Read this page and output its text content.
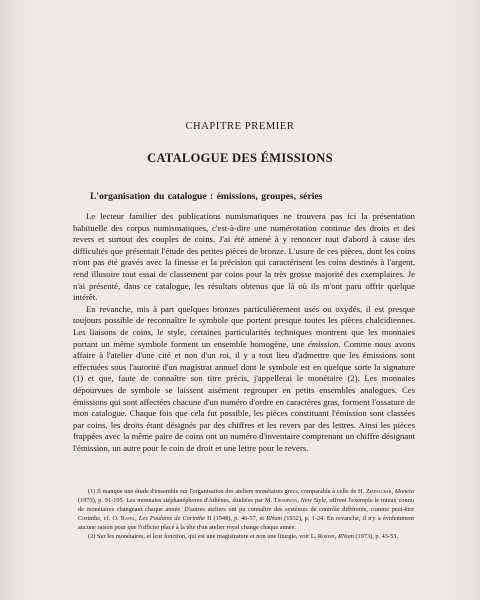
CHAPITRE PREMIER
CATALOGUE DES ÉMISSIONS
L'organisation du catalogue : émissions, groupes, séries

Le lecteur familier des publications numismatiques ne trouvera pas ici la présentation habituelle des corpus numismatiques, c'est-à-dire une numérotation continue des droits et des revers et surtout des couples de coins. J'ai été amené à y renoncer tout d'abord à cause des difficultés que présentait l'étude des petites pièces de bronze. L'usure de ces pièces, dont les coins n'ont pas été gravés avec la finesse et la précision qui caractérisent les coins destinés à l'argent, rend illusoire tout essai de classement par coins pour la très grosse majorité des exemplaires. Je n'ai présenté, dans ce catalogue, les résultats obtenus que là où ils m'ont paru offrir quelque intérêt.

En revanche, mis à part quelques bronzes particulièrement usés ou oxydés, il est presque toujours possible de reconnaître le symbole que portent presque toutes les pièces chalcidiennes. Les liaisons de coins, le style, certaines particularités techniques montrent que les monnaies portant un même symbole forment un ensemble homogène, une émission. Comme nous avons affaire à l'atelier d'une cité et non d'un roi, il y a tout lieu d'admettre que les émissions sont effectuées sous l'autorité d'un magistrat annuel dont le symbole est en quelque sorte la signature (1) et que, faute de connaître son titre précis, j'appellerai le monétaire (2). Les monnaies dépourvues de symbole se laissent aisément regrouper en petits ensembles analogues. Ces émissions qui sont affectées chacune d'un numéro d'ordre en caractères gras, forment l'ossature de mon catalogue. Chaque fois que cela fut possible, les pièces constituant l'émission sont classées par coins, les droits étant désignés par des chiffres et les revers par des lettres. Ainsi les pièces frappées avec la même paire de coins ont un numéro d'inventaire comprenant un chiffre désignant l'émission, un autre pour le coin de droit et une lettre pour le revers.

(1) Il manque une étude d'ensemble sur l'organisation des ateliers monétaires grecs, comparable à celle de H. Zehnacker, Moneta (1973), p. 91-195. Les monnaies stéphanéphores d'Athènes, étudiées par M. Thompson, New Style, offrent l'exemple le mieux connu de monétaires changeant chaque année. D'autres ateliers ont pu connaître des systèmes de contrôle différents, comme peut-être Corinthe, cf. O. Ravel, Les Poulains de Corinthe II (1948), p. 46-57, et RNum (1932), p. 1-24. En revanche, il n'y a évidemment aucune raison pour que l'officier placé à la tête d'un atelier royal change chaque année.

(2) Sur les monétaires, et leur fonction, qui est une magistrature et non une liturgie, voir L. Robert, RNum (1973), p. 43-53.
